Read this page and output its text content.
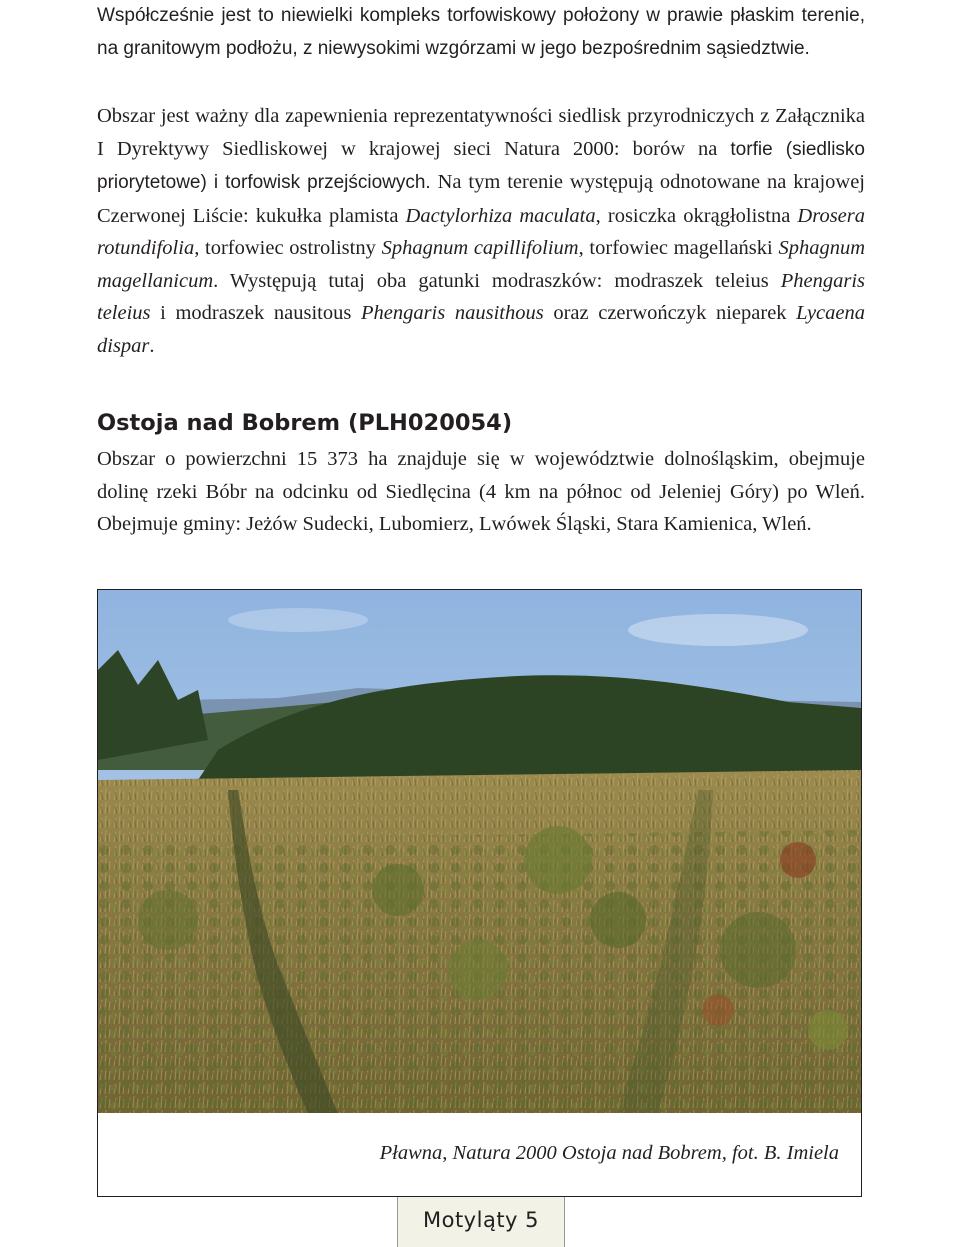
Współcześnie jest to niewielki kompleks torfowiskowy położony w prawie płaskim terenie, na granitowym podłożu, z niewysokimi wzgórzami w jego bezpośrednim sąsiedztwie.

Obszar jest ważny dla zapewnienia reprezentatywności siedlisk przyrodniczych z Załącznika I Dyrektywy Siedliskowej w krajowej sieci Natura 2000: borów na torfie (siedlisko priorytetowe) i torfowisk przejściowych. Na tym terenie występują odnotowane na krajowej Czerwonej Liście: kukułka plamista Dactylorhiza maculata, rosiczka okrągłolistna Drosera rotundifolia, torfowiec ostrolistny Sphagnum capillifolium, torfowiec magellański Sphagnum magellanicum. Występują tutaj oba gatunki modraszków: modraszek teleius Phengaris teleius i modraszek nausitous Phengaris nausithous oraz czerwończyk nieparek Lycaena dispar.

Ostoja nad Bobrem (PLH020054)

Obszar o powierzchni 15 373 ha znajduje się w województwie dolnośląskim, obejmuje dolinę rzeki Bóbr na odcinku od Siedlęcina (4 km na północ od Jeleniej Góry) po Wleń. Obejmuje gminy: Jeżów Sudecki, Lubomierz, Lwówek Śląski, Stara Kamienica, Wleń.

Pławna, Natura 2000 Ostoja nad Bobrem, fot. B. Imiela

Motyląty 5
